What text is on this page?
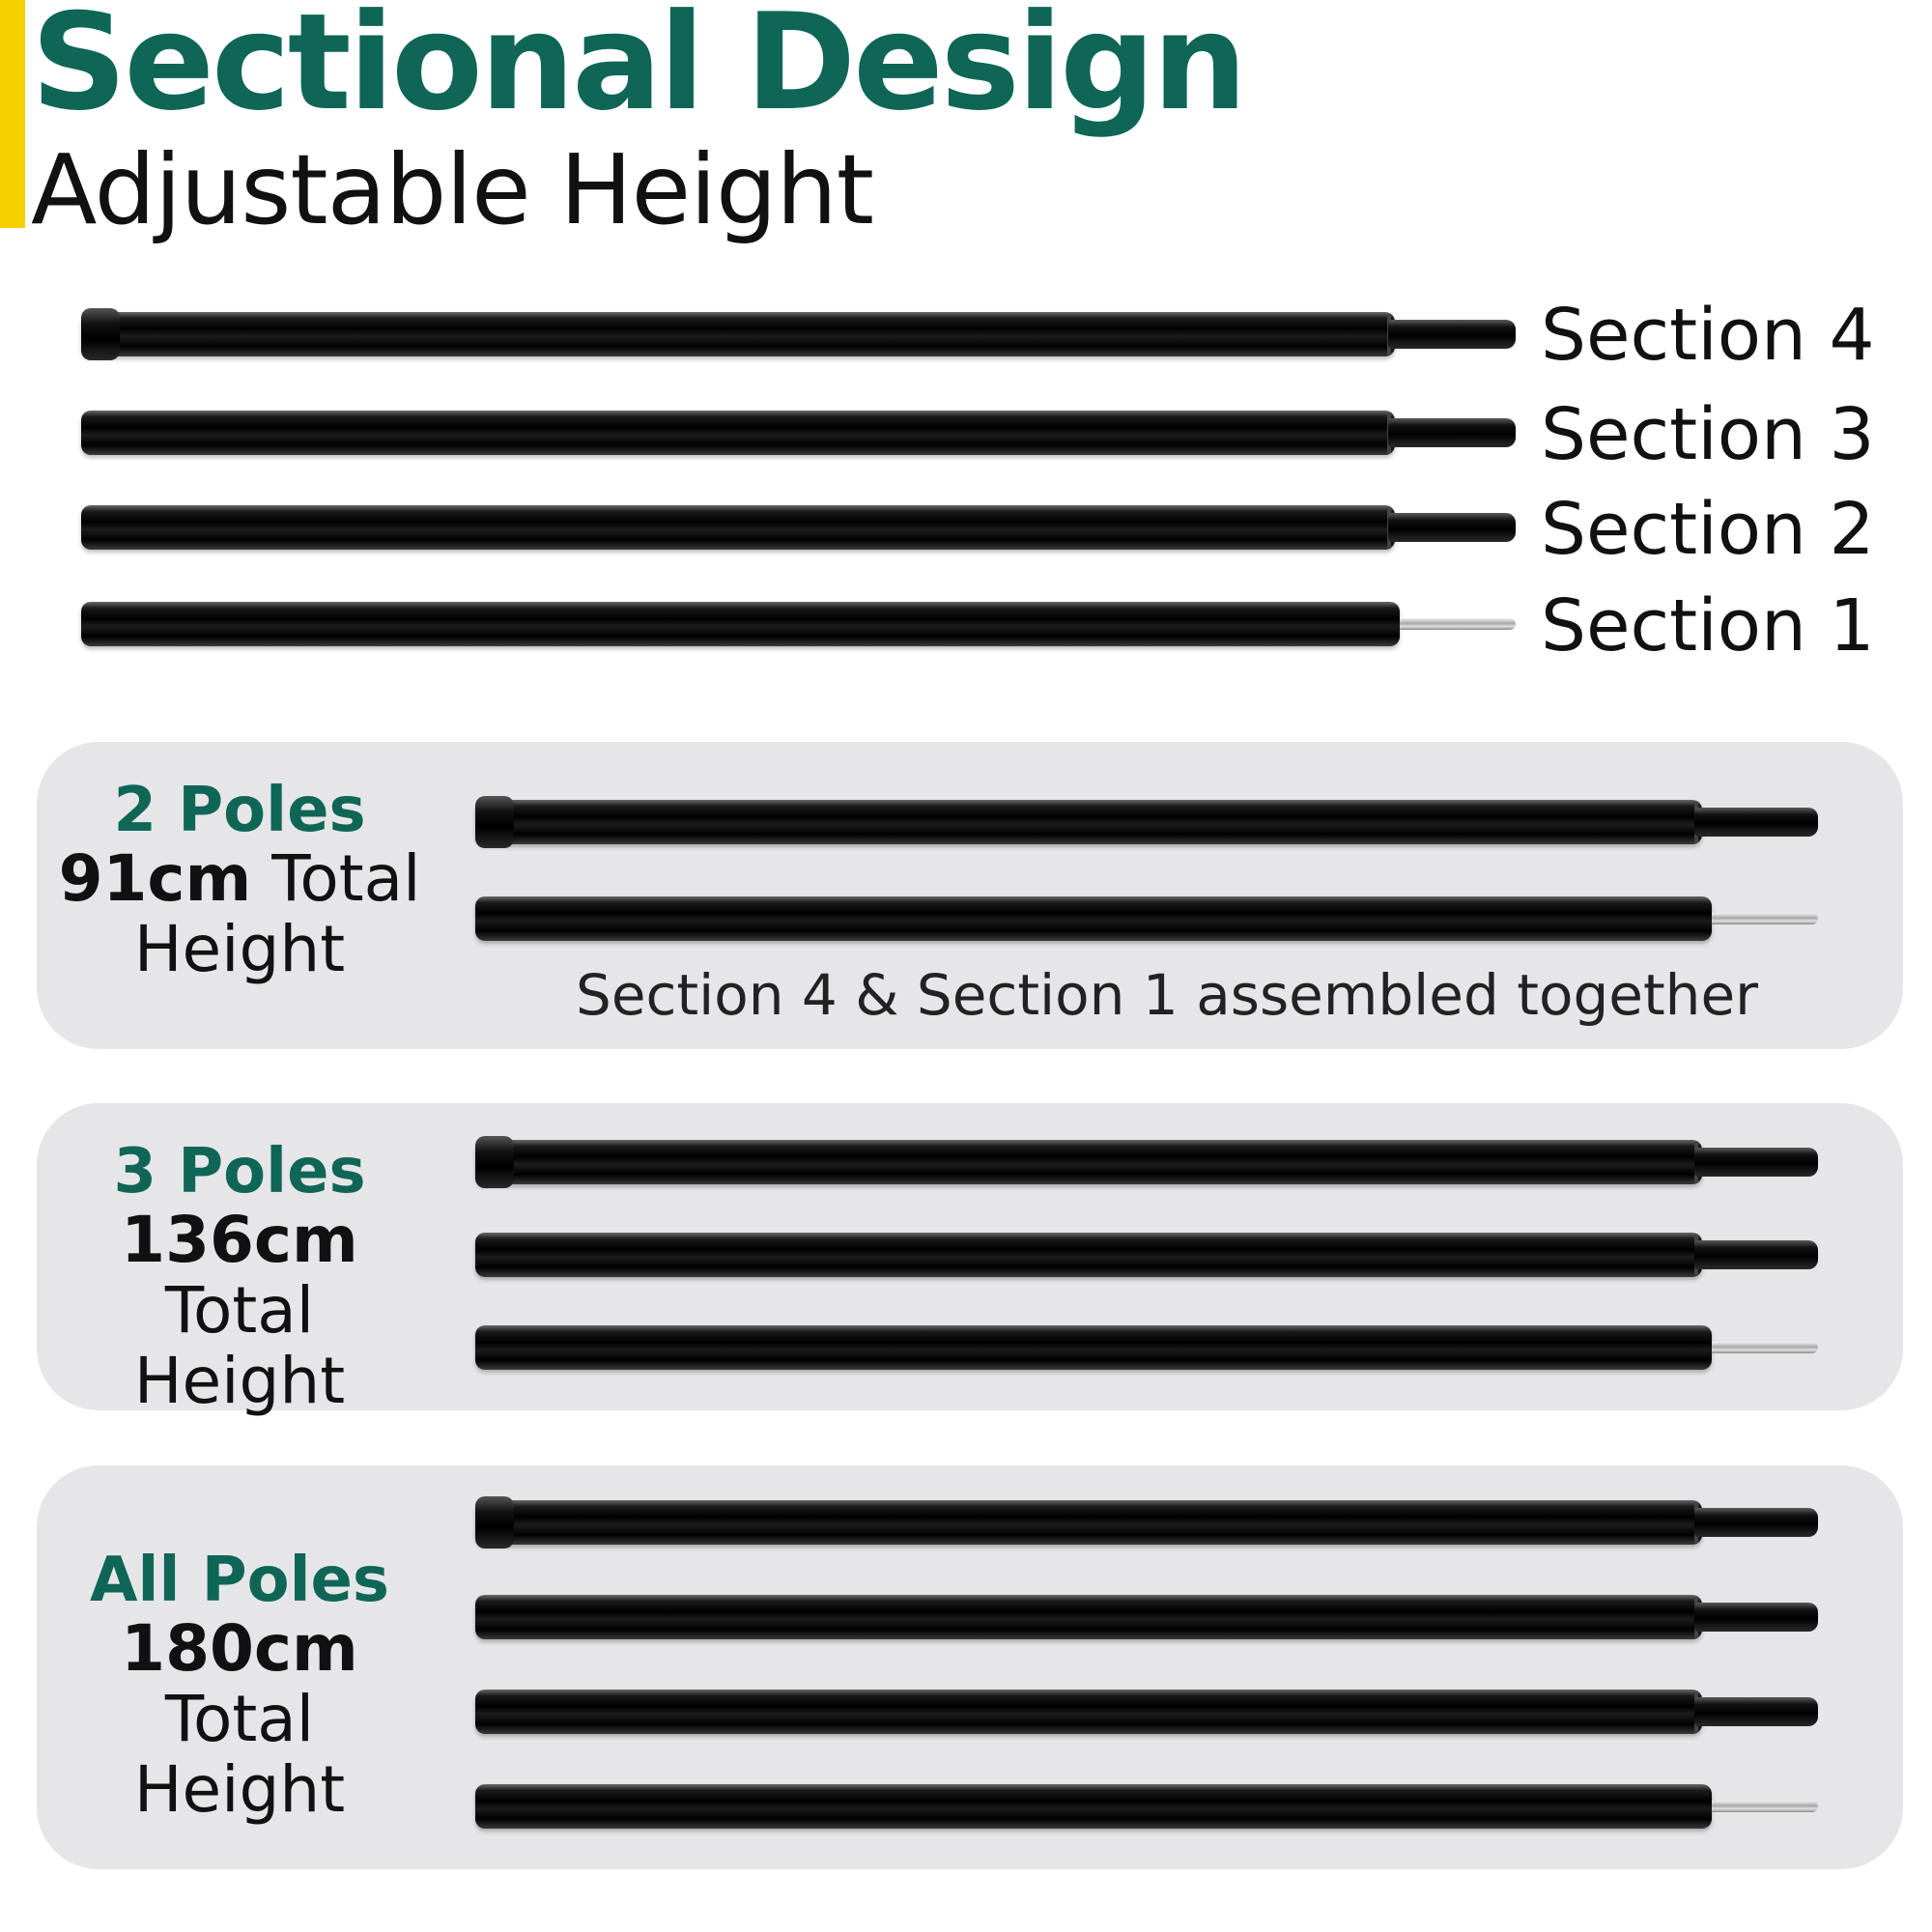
Sectional Design
Adjustable Height
Section 4
Section 3
Section 2
Section 1
2 Poles
91cm Total
Height
Section 4 & Section 1 assembled together
3 Poles
136cm Total
Height
All Poles
180cm Total
Height
